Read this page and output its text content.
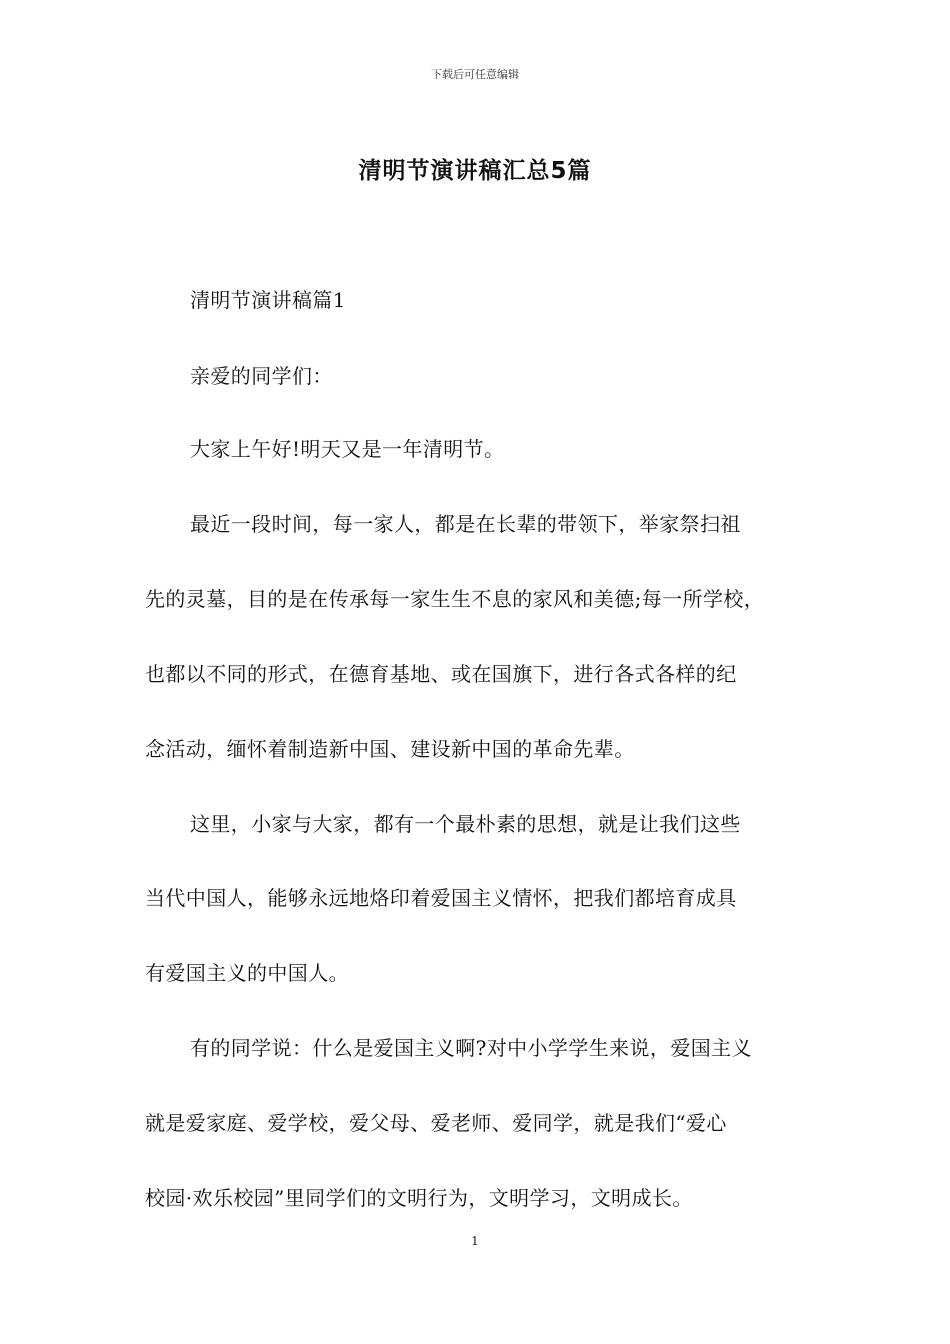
下载后可任意编辑
清明节演讲稿汇总5篇
清明节演讲稿篇1
亲爱的同学们：
大家上午好!明天又是一年清明节。
最近一段时间，每一家人，都是在长辈的带领下，举家祭扫祖
先的灵墓，目的是在传承每一家生生不息的家风和美德;每一所学校，
也都以不同的形式，在德育基地、或在国旗下，进行各式各样的纪
念活动，缅怀着制造新中国、建设新中国的革命先辈。
这里，小家与大家，都有一个最朴素的思想，就是让我们这些
当代中国人，能够永远地烙印着爱国主义情怀，把我们都培育成具
有爱国主义的中国人。
有的同学说：什么是爱国主义啊?对中小学学生来说，爱国主义
就是爱家庭、爱学校，爱父母、爱老师、爱同学，就是我们“爱心
校园·欢乐校园”里同学们的文明行为，文明学习，文明成长。
1
